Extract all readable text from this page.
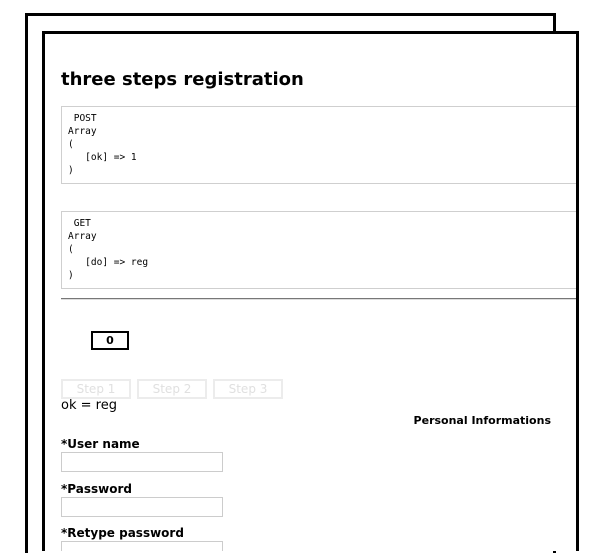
three steps registration
POST
Array
(
[ok] => 1
)
GET
Array
(
[do] => reg
)
0
Step 1	Step 2	Step 3
ok = reg
Personal Informations
*User name
*Password
*Retype password
